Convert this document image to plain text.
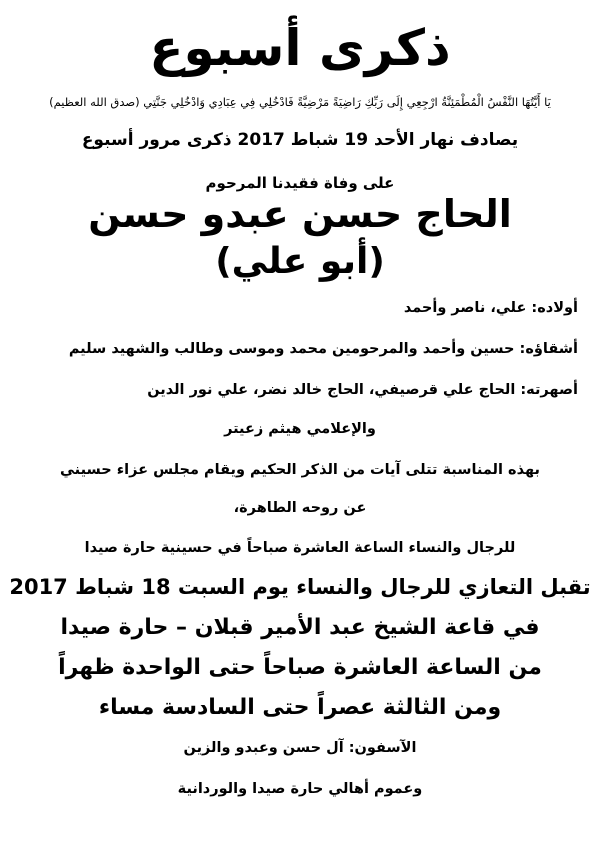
ذكرى أسبوع
يَا أَيَّتُهَا النَّفْسُ الْمُطْمَئِنَّةُ ارْجِعِي إِلَى رَبِّكِ رَاضِيَةً مَرْضِيَّةً فَادْخُلِي فِي عِبَادِي وَادْخُلِي جَنَّتِي (صدق الله العظيم)
يصادف نهار الأحد 19 شباط 2017 ذكرى مرور أسبوع
على وفاة فقيدنا المرحوم
الحاج حسن عبدو حسن
(أبو علي)
أولاده: علي، ناصر وأحمد
أشقاؤه: حسين وأحمد والمرحومين محمد وموسى وطالب والشهيد سليم
أصهرته: الحاج علي قرصيفي، الحاج خالد نضر، علي نور الدين
والإعلامي هيثم زعيتر
بهذه المناسبة تتلى آيات من الذكر الحكيم ويقام مجلس عزاء حسيني
عن روحه الطاهرة،
للرجال والنساء الساعة العاشرة صباحاً في حسينية حارة صيدا
تقبل التعازي للرجال والنساء يوم السبت 18 شباط 2017
في قاعة الشيخ عبد الأمير قبلان – حارة صيدا
من الساعة العاشرة صباحاً حتى الواحدة ظهراً
ومن الثالثة عصراً حتى السادسة مساء
الآسفون: آل حسن وعبدو والزين
وعموم أهالي حارة صيدا والوردانية
